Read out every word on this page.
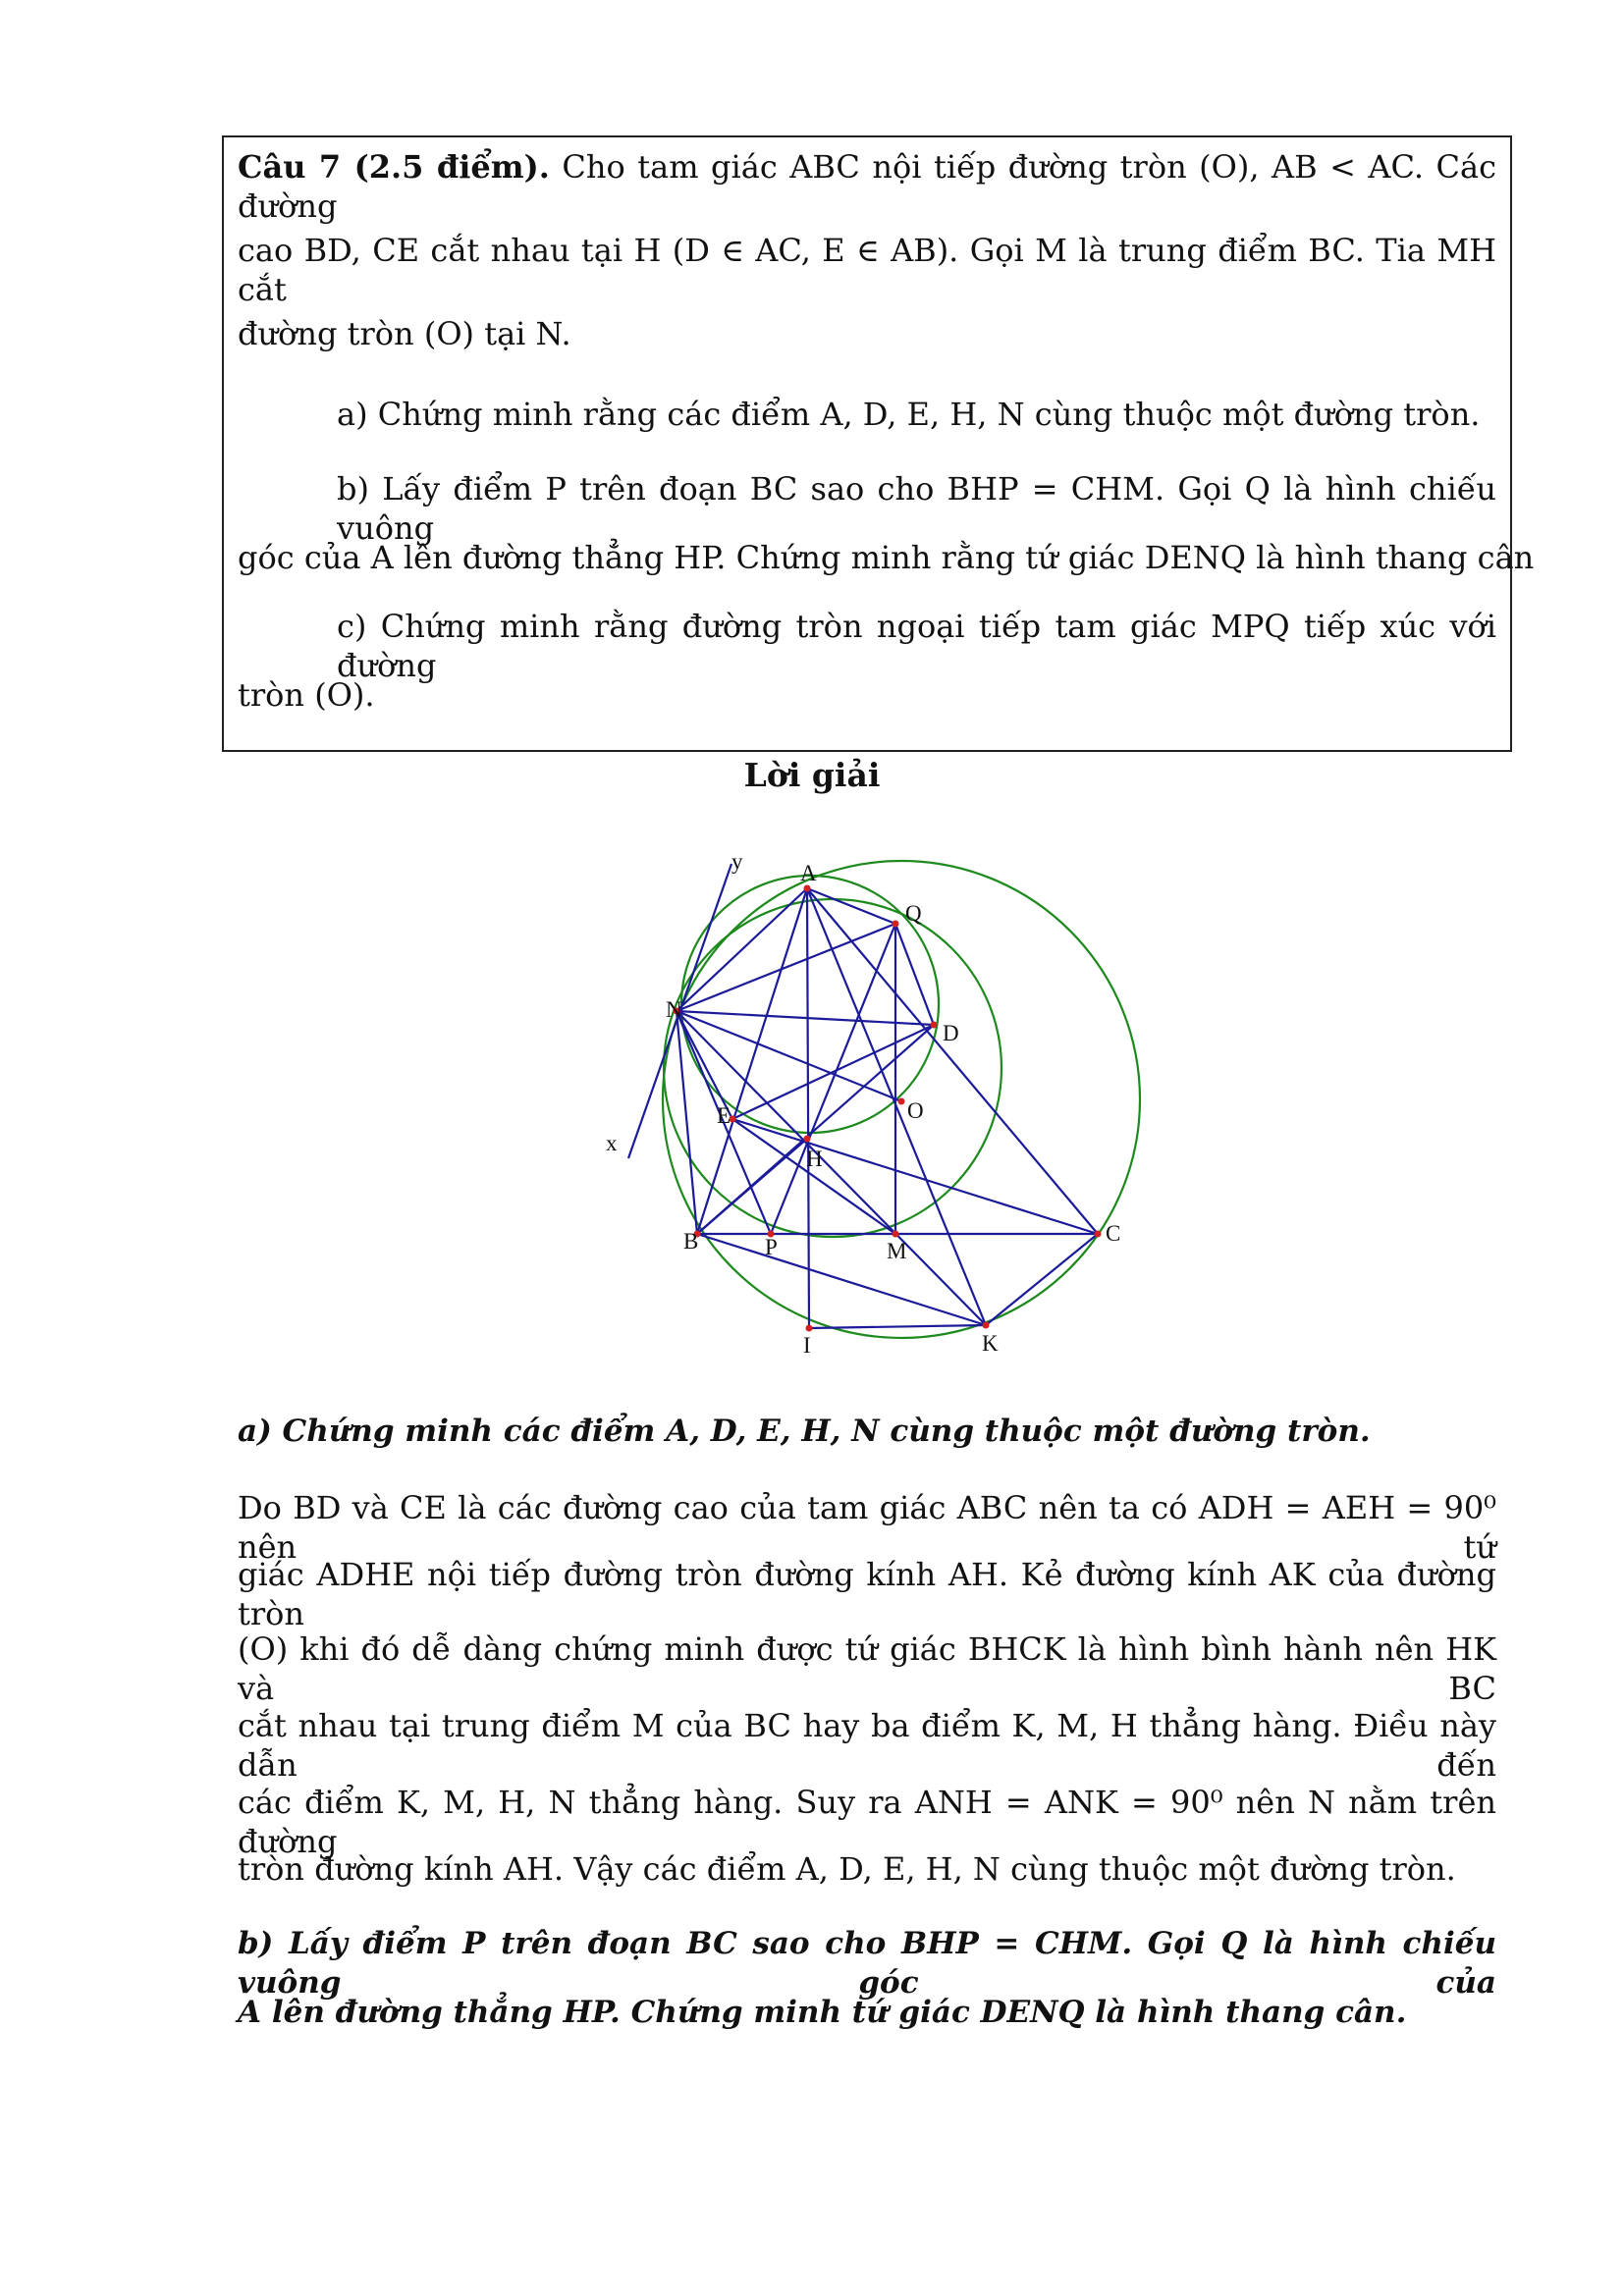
Câu 7 (2.5 điểm). Cho tam giác ABC nội tiếp đường tròn (O), AB < AC. Các đường
cao BD, CE cắt nhau tại H (D ∈ AC, E ∈ AB). Gọi M là trung điểm BC. Tia MH cắt
đường tròn (O) tại N.
a) Chứng minh rằng các điểm A, D, E, H, N cùng thuộc một đường tròn.
b) Lấy điểm P trên đoạn BC sao cho BHP = CHM. Gọi Q là hình chiếu vuông
góc của A lên đường thẳng HP. Chứng minh rằng tứ giác DENQ là hình thang cân
c) Chứng minh rằng đường tròn ngoại tiếp tam giác MPQ tiếp xúc với đường
tròn (O).
Lời giải
A
Q
N
D
O
E
H
B	P	M
C
I	K
x
y
a) Chứng minh các điểm A, D, E, H, N cùng thuộc một đường tròn.
Do BD và CE là các đường cao của tam giác ABC nên ta có ADH = AEH = 90⁰ nên tứ
giác ADHE nội tiếp đường tròn đường kính AH. Kẻ đường kính AK của đường tròn
(O) khi đó dễ dàng chứng minh được tứ giác BHCK là hình bình hành nên HK và BC
cắt nhau tại trung điểm M của BC hay ba điểm K, M, H thẳng hàng. Điều này dẫn đến
các điểm K, M, H, N thẳng hàng. Suy ra ANH = ANK = 90⁰ nên N nằm trên đường
tròn đường kính AH. Vậy các điểm A, D, E, H, N cùng thuộc một đường tròn.
b) Lấy điểm P trên đoạn BC sao cho BHP = CHM. Gọi Q là hình chiếu vuông góc của
A lên đường thẳng HP. Chứng minh tứ giác DENQ là hình thang cân.
